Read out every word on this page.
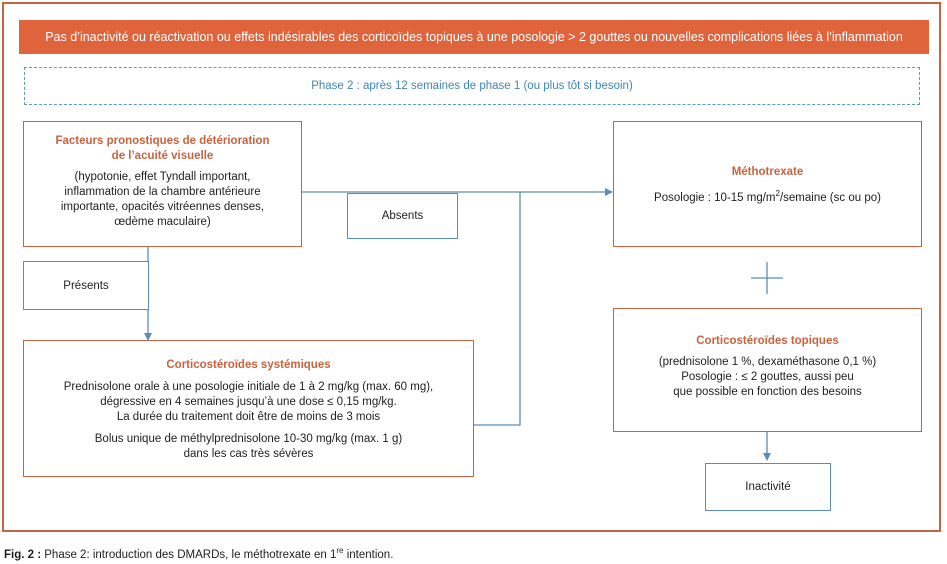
Pas d’inactivité ou réactivation ou effets indésirables des corticoïdes topiques à une posologie > 2 gouttes ou nouvelles complications liées à l’inflammation
Phase 2 : après 12 semaines de phase 1 (ou plus tôt si besoin)
Facteurs pronostiques de détérioration
de l’acuité visuelle
(hypotonie, effet Tyndall important,
inflammation de la chambre antérieure
importante, opacités vitréennes denses,
œdème maculaire)	Absents
Présents
Méthotrexate
Posologie : 10-15 $mg/m^2$/semaine (sc ou po)
Corticostéroïdes systémiques
Prednisolone orale à une posologie initiale de 1 à 2 mg/kg (max. 60 mg),
dégressive en 4 semaines jusqu’à une dose ≤ 0,15 mg/kg.
La durée du traitement doit être de moins de 3 mois
Bolus unique de méthylprednisolone 10-30 mg/kg (max. 1 g)
dans les cas très sévères
Corticostéroïdes topiques
(prednisolone 1 %, dexaméthasone 0,1 %)
Posologie : ≤ 2 gouttes, aussi peu
que possible en fonction des besoins
Inactivité
Fig. 2 : Phase 2: introduction des DMARDs, le méthotrexate en 1re intention.
